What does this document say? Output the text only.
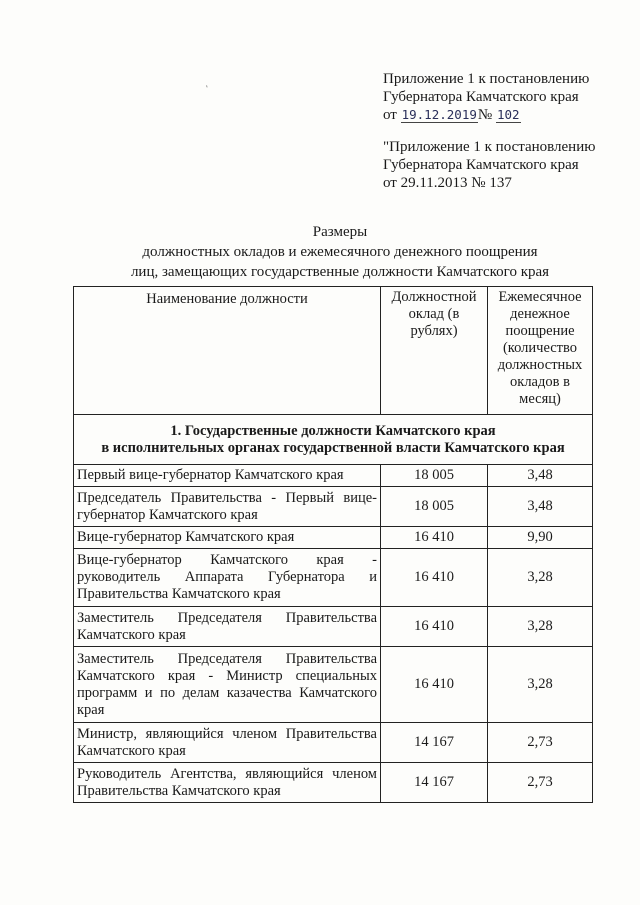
Приложение 1 к постановлению
Губернатора Камчатского края
от 19.12.2019№ 102
ˋ
"Приложение 1 к постановлению
Губернатора Камчатского края
от 29.11.2013 № 137
Размеры
должностных окладов и ежемесячного денежного поощрения
лиц, замещающих государственные должности Камчатского края
Наименование должности	Должностной оклад (в рублях)	Ежемесячное денежное поощрение (количество должностных окладов в месяц)

1. Государственные должности Камчатского края
в исполнительных органах государственной власти Камчатского края		

Первый вице-губернатор Камчатского края	18 005	3,48
Председатель Правительства - Первый вице-губернатор Камчатского края	18 005	3,48
Вице-губернатор Камчатского края	16 410	9,90
Вице-губернатор Камчатского края - руководитель Аппарата Губернатора и Правительства Камчатского края	16 410	3,28
Заместитель Председателя Правительства Камчатского края	16 410	3,28
Заместитель Председателя Правительства Камчатского края - Министр специальных программ и по делам казачества Камчатского края	16 410	3,28
Министр, являющийся членом Правительства Камчатского края	14 167	2,73
Руководитель Агентства, являющийся членом Правительства Камчатского края	14 167	2,73
